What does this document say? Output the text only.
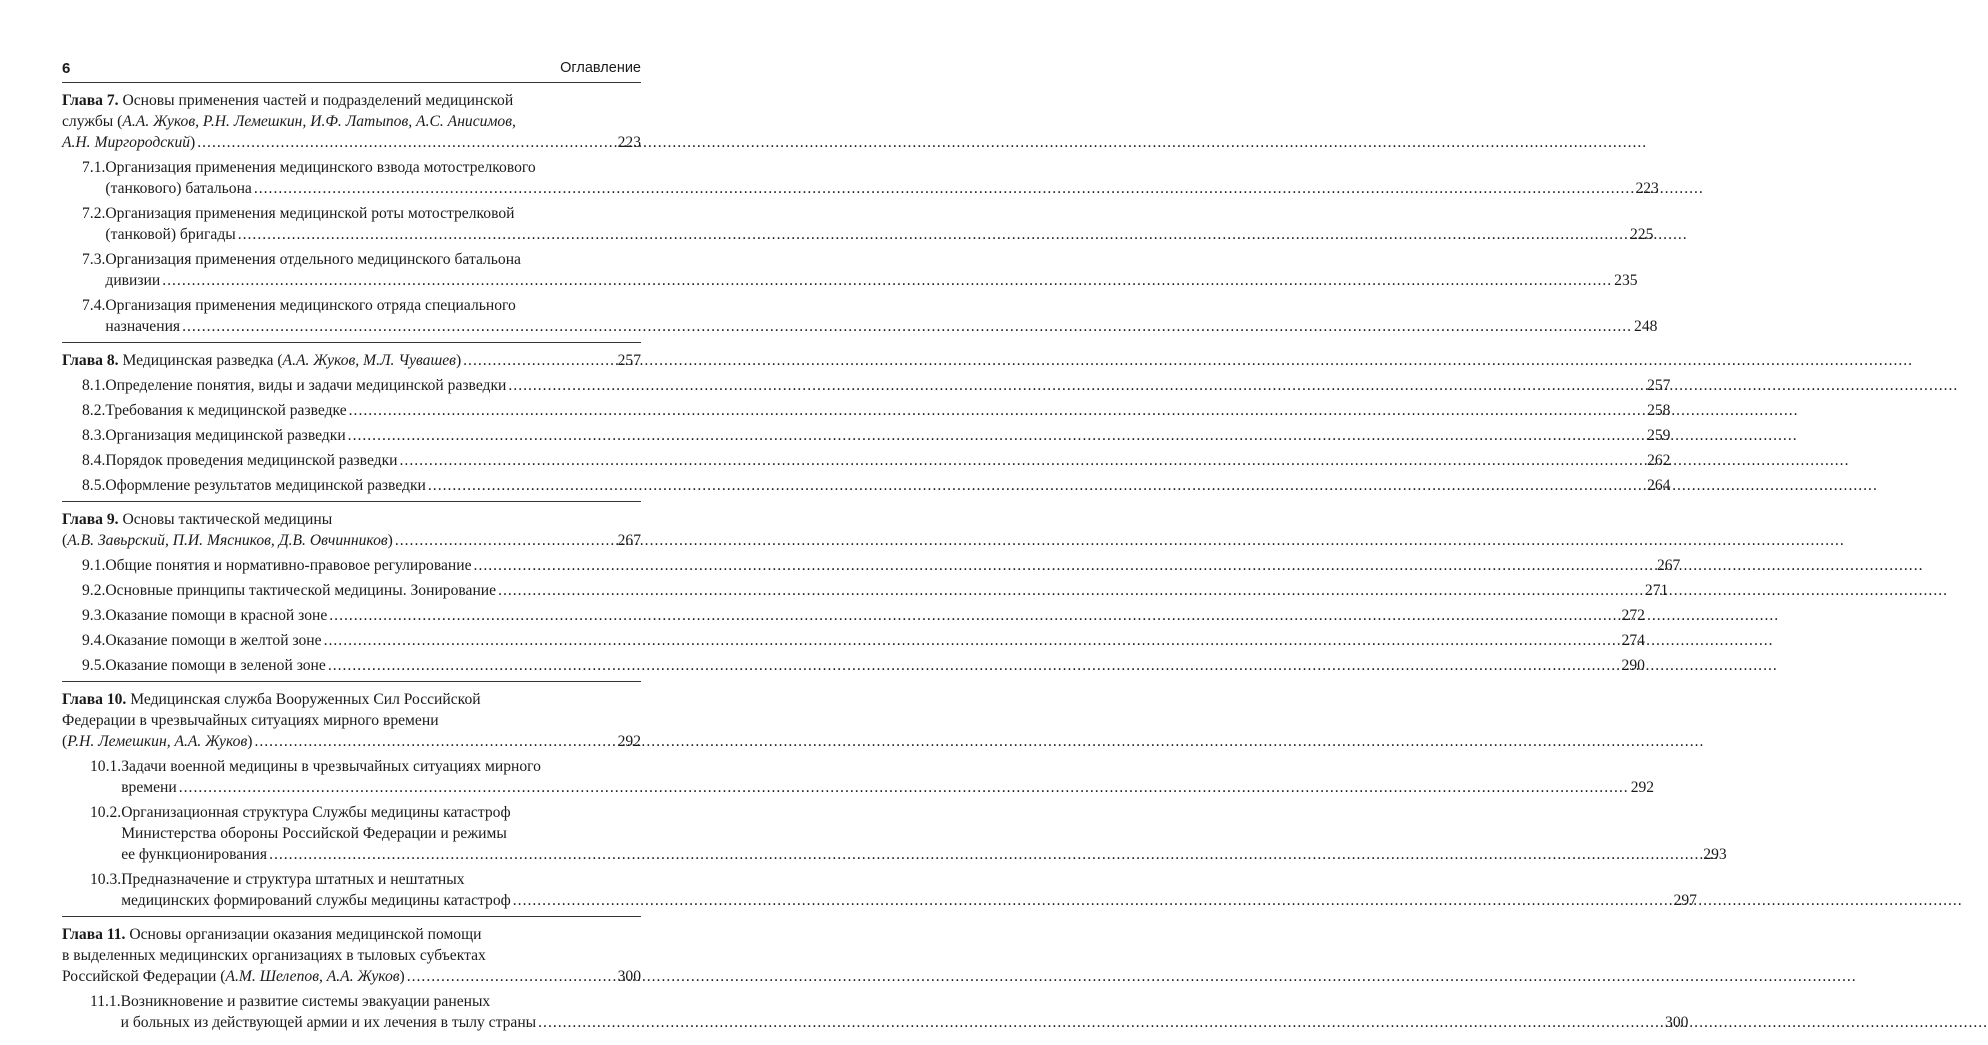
6	Оглавление
Глава 7. Основы применения частей и подразделений медицинской
службы (А.А. Жуков, Р.Н. Лемешкин, И.Ф. Латыпов, А.С. Анисимов,
А.Н. Миргородский ) .....	223
7.1. Организация применения медицинского взвода мотострелкового
(танкового) батальона .....	223
7.2. Организация применения медицинской роты мотострелковой
(танковой) бригады .....	225
7.3. Организация применения отдельного медицинского батальона
дивизии .....	235
7.4. Организация применения медицинского отряда специального
назначения .....	248
Глава 8.
Медицинская разведка ( А.А. Жуков, М.Л. Чувашев ) .....	257
8.1. Определение понятия, виды и задачи медицинской разведки .....	257
8.2. Требования к медицинской разведке .....	258
8.3. Организация медицинской разведки .....	259
8.4. Порядок проведения медицинской разведки .....	262
8.5. Оформление результатов медицинской разведки .....	264
Глава 9. Основы тактической медицины
( А.В. Завьрский, П.И. Мясников, Д.В. Овчинников ) .....	267
9.1. Общие понятия и нормативно-правовое регулирование .....	267
9.2. Основные принципы тактической медицины. Зонирование .....	271
9.3. Оказание помощи в красной зоне .....	272
9.4. Оказание помощи в желтой зоне .....	274
9.5. Оказание помощи в зеленой зоне .....	290
Глава 10. Медицинская служба Вооруженных Сил Российской
Федерации в чрезвычайных ситуациях мирного времени
( Р.Н. Лемешкин, А.А. Жуков ) .....	292
10.1. Задачи военной медицины в чрезвычайных ситуациях мирного
времени .....	292
10.2. Организационная структура Службы медицины катастроф
Министерства обороны Российской Федерации и режимы
ее функционирования .....	293
10.3. Предназначение и структура штатных и нештатных
медицинских формирований службы медицины катастроф .....	297
Глава 11. Основы организации оказания медицинской помощи
в выделенных медицинских организациях в тыловых субъектах
Российской Федерации ( А.М. Шелепов, А.А. Жуков ) .....	300
11.1. Возникновение и развитие системы эвакуации раненых
и больных из действующей армии и их лечения в тылу страны .....	300
